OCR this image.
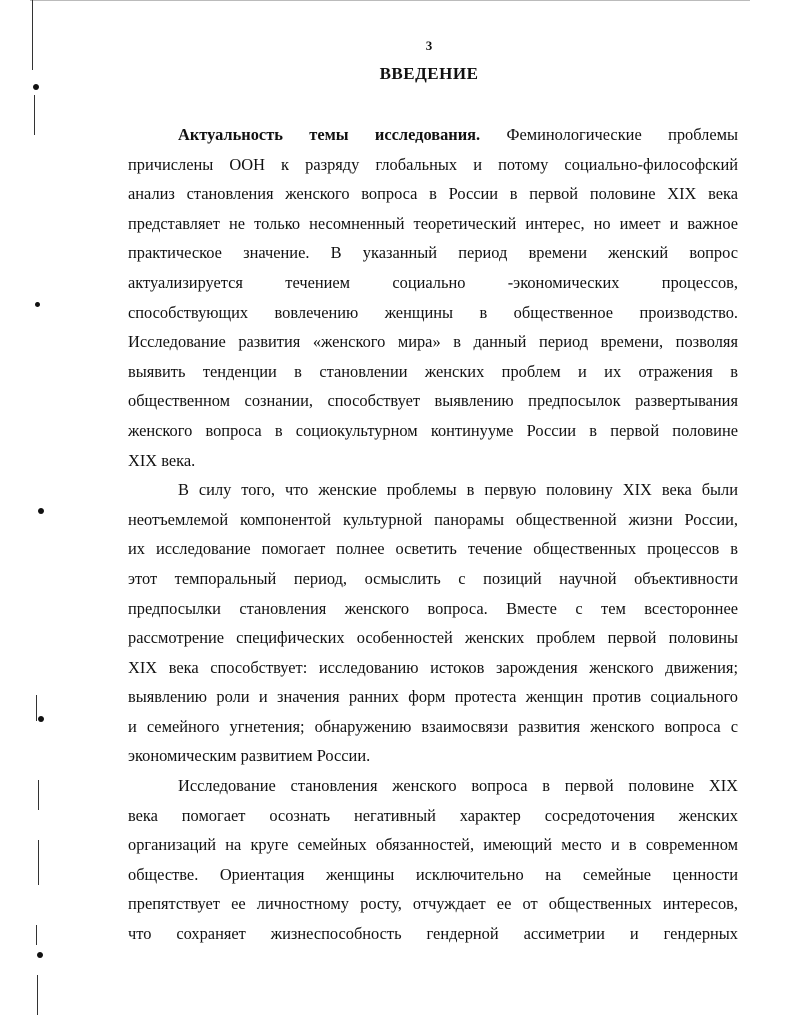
3
ВВЕДЕНИЕ
Актуальность темы исследования. Феминологические проблемы
причислены ООН к разряду глобальных и потому социально-философский
анализ становления женского вопроса в России в первой половине XIX века
представляет не только несомненный теоретический интерес, но имеет и важное
практическое значение. В указанный период времени женский вопрос
актуализируется течением социально -экономических процессов,
способствующих вовлечению женщины в общественное производство.
Исследование развития «женского мира» в данный период времени, позволяя
выявить тенденции в становлении женских проблем и их отражения в
общественном сознании, способствует выявлению предпосылок развертывания
женского вопроса в социокультурном континууме России в первой половине
XIX века.
В силу того, что женские проблемы в первую половину XIX века были
неотъемлемой компонентой культурной панорамы общественной жизни России,
их исследование помогает полнее осветить течение общественных процессов в
этот темпоральный период, осмыслить с позиций научной объективности
предпосылки становления женского вопроса. Вместе с тем всестороннее
рассмотрение специфических особенностей женских проблем первой половины
XIX века способствует: исследованию истоков зарождения женского движения;
выявлению роли и значения ранних форм протеста женщин против социального
и семейного угнетения; обнаружению взаимосвязи развития женского вопроса с
экономическим развитием России.
Исследование становления женского вопроса в первой половине XIX
века помогает осознать негативный характер сосредоточения женских
организаций на круге семейных обязанностей, имеющий место и в современном
обществе. Ориентация женщины исключительно на семейные ценности
препятствует ее личностному росту, отчуждает ее от общественных интересов,
что сохраняет жизнеспособность гендерной ассиметрии и гендерных
